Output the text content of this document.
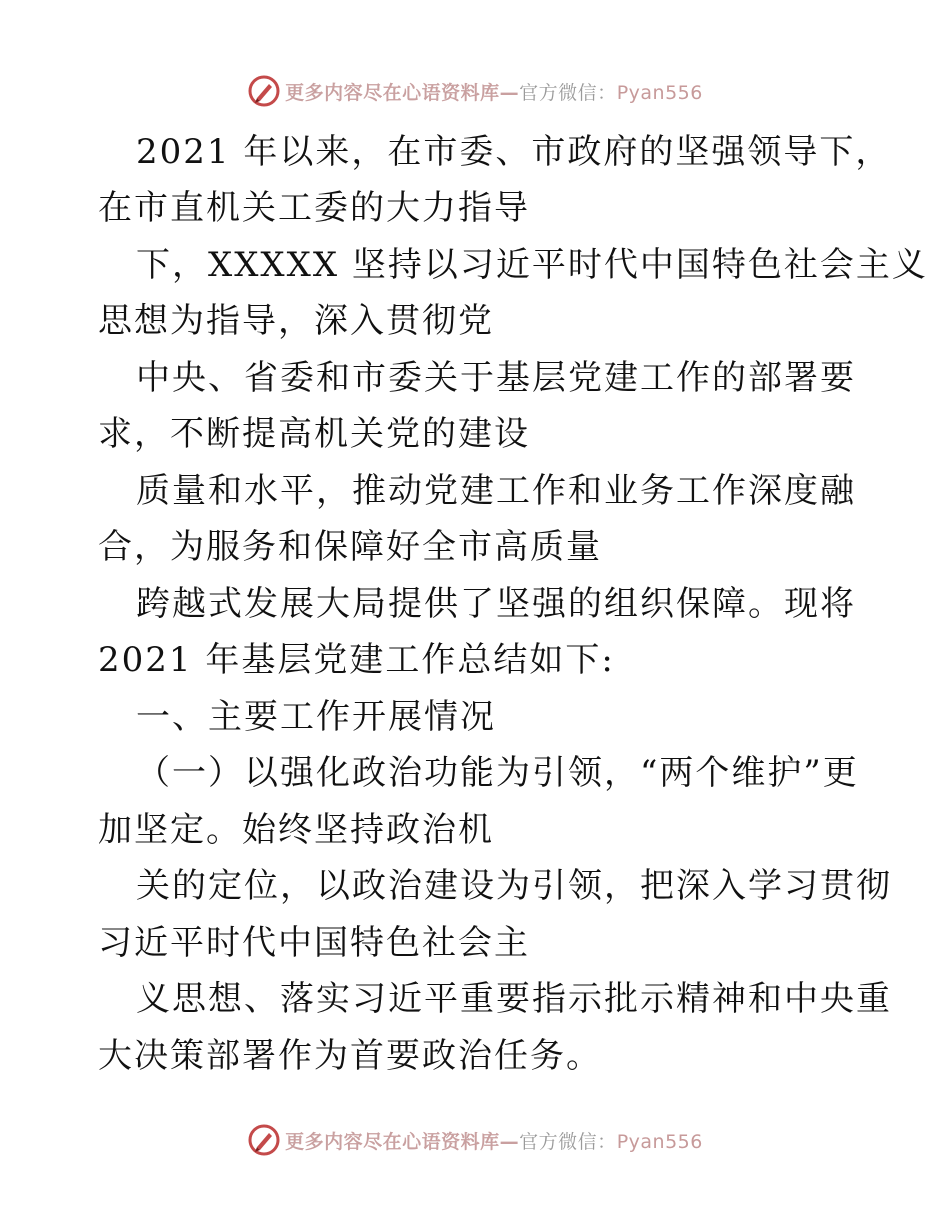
更多内容尽在心语资料库—官方微信：Pyan556
2021 年以来，在市委、市政府的坚强领导下，
在市直机关工委的大力指导
下，XXXXX 坚持以习近平时代中国特色社会主义
思想为指导，深入贯彻党
中央、省委和市委关于基层党建工作的部署要
求，不断提高机关党的建设
质量和水平，推动党建工作和业务工作深度融
合，为服务和保障好全市高质量
跨越式发展大局提供了坚强的组织保障。现将
2021 年基层党建工作总结如下:
一、主要工作开展情况
（一）以强化政治功能为引领，“两个维护”更
加坚定。始终坚持政治机
关的定位，以政治建设为引领，把深入学习贯彻
习近平时代中国特色社会主
义思想、落实习近平重要指示批示精神和中央重
大决策部署作为首要政治任务。
更多内容尽在心语资料库—官方微信：Pyan556
